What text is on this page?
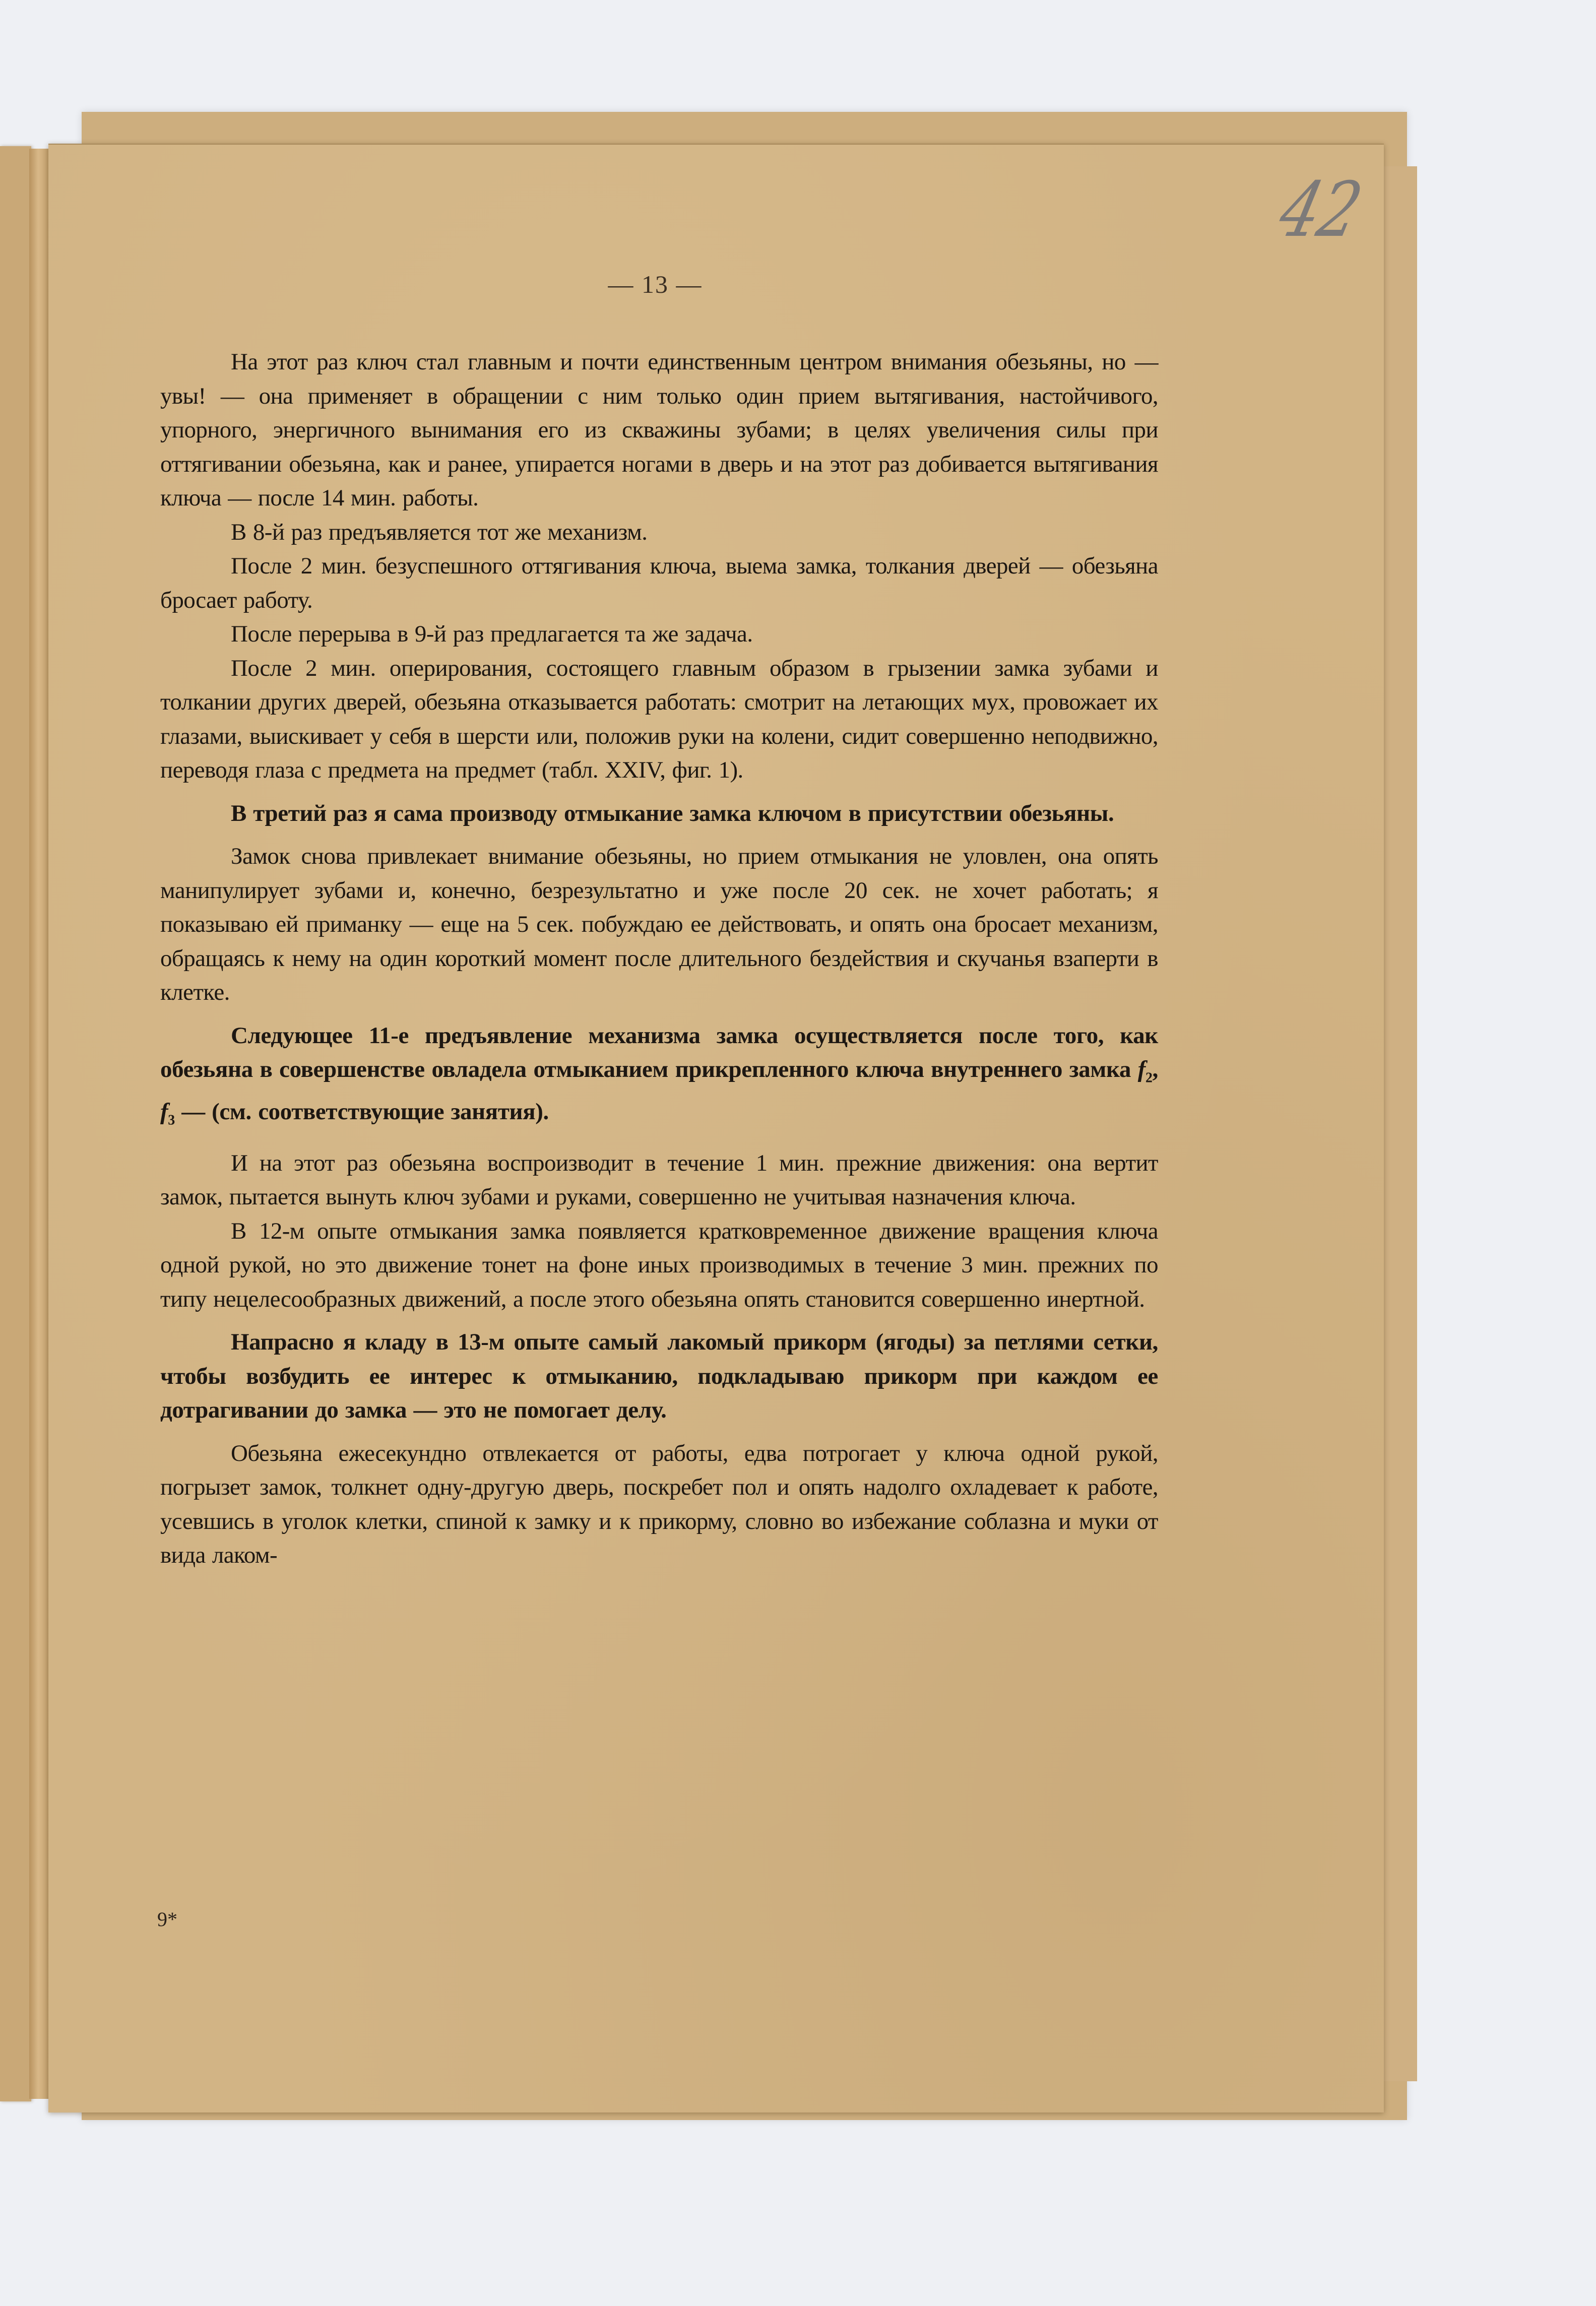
42
— 13 —

На этот раз ключ стал главным и почти единственным центром внимания обезьяны, но — увы! — она применяет в обращении с ним только один прием вытягивания, настойчивого, упорного, энергичного вынимания его из скважины зубами; в целях увеличения силы при оттягивании обезьяна, как и ранее, упирается ногами в дверь и на этот раз добивается вытягивания ключа — после 14 мин. работы.

В 8-й раз предъявляется тот же механизм.

После 2 мин. безуспешного оттягивания ключа, выема замка, толкания дверей — обезьяна бросает работу.

После перерыва в 9-й раз предлагается та же задача.

После 2 мин. оперирования, состоящего главным образом в грызении замка зубами и толкании других дверей, обезьяна отказывается работать: смотрит на летающих мух, провожает их глазами, выискивает у себя в шерсти или, положив руки на колени, сидит совершенно неподвижно, переводя глаза с предмета на предмет (табл. XXIV, фиг. 1).

В третий раз я сама производу отмыкание замка ключом в присутствии обезьяны.

Замок снова привлекает внимание обезьяны, но прием отмыкания не уловлен, она опять манипулирует зубами и, конечно, безрезультатно и уже после 20 сек. не хочет работать; я показываю ей приманку — еще на 5 сек. побуждаю ее действовать, и опять она бросает механизм, обращаясь к нему на один короткий момент после длительного бездействия и скучанья взаперти в клетке.

Следующее 11-е предъявление механизма замка осуществляется после того, как обезьяна в совершенстве овладела отмыканием прикрепленного ключа внутреннего замка $f_2$, $f_3$ — (см. соответствующие занятия).

И на этот раз обезьяна воспроизводит в течение 1 мин. прежние движения: она вертит замок, пытается вынуть ключ зубами и руками, совершенно не учитывая назначения ключа.

В 12-м опыте отмыкания замка появляется кратковременное движение вращения ключа одной рукой, но это движение тонет на фоне иных производимых в течение 3 мин. прежних по типу нецелесообразных движений, а после этого обезьяна опять становится совершенно инертной.

Напрасно я кладу в 13-м опыте самый лакомый прикорм (ягоды) за петлями сетки, чтобы возбудить ее интерес к отмыканию, подкладываю прикорм при каждом ее дотрагивании до замка — это не помогает делу.

Обезьяна ежесекундно отвлекается от работы, едва потрогает у ключа одной рукой, погрызет замок, толкнет одну-другую дверь, поскребет пол и опять надолго охладевает к работе, усевшись в уголок клетки, спиной к замку и к прикорму, словно во избежание соблазна и муки от вида лаком-

9*
